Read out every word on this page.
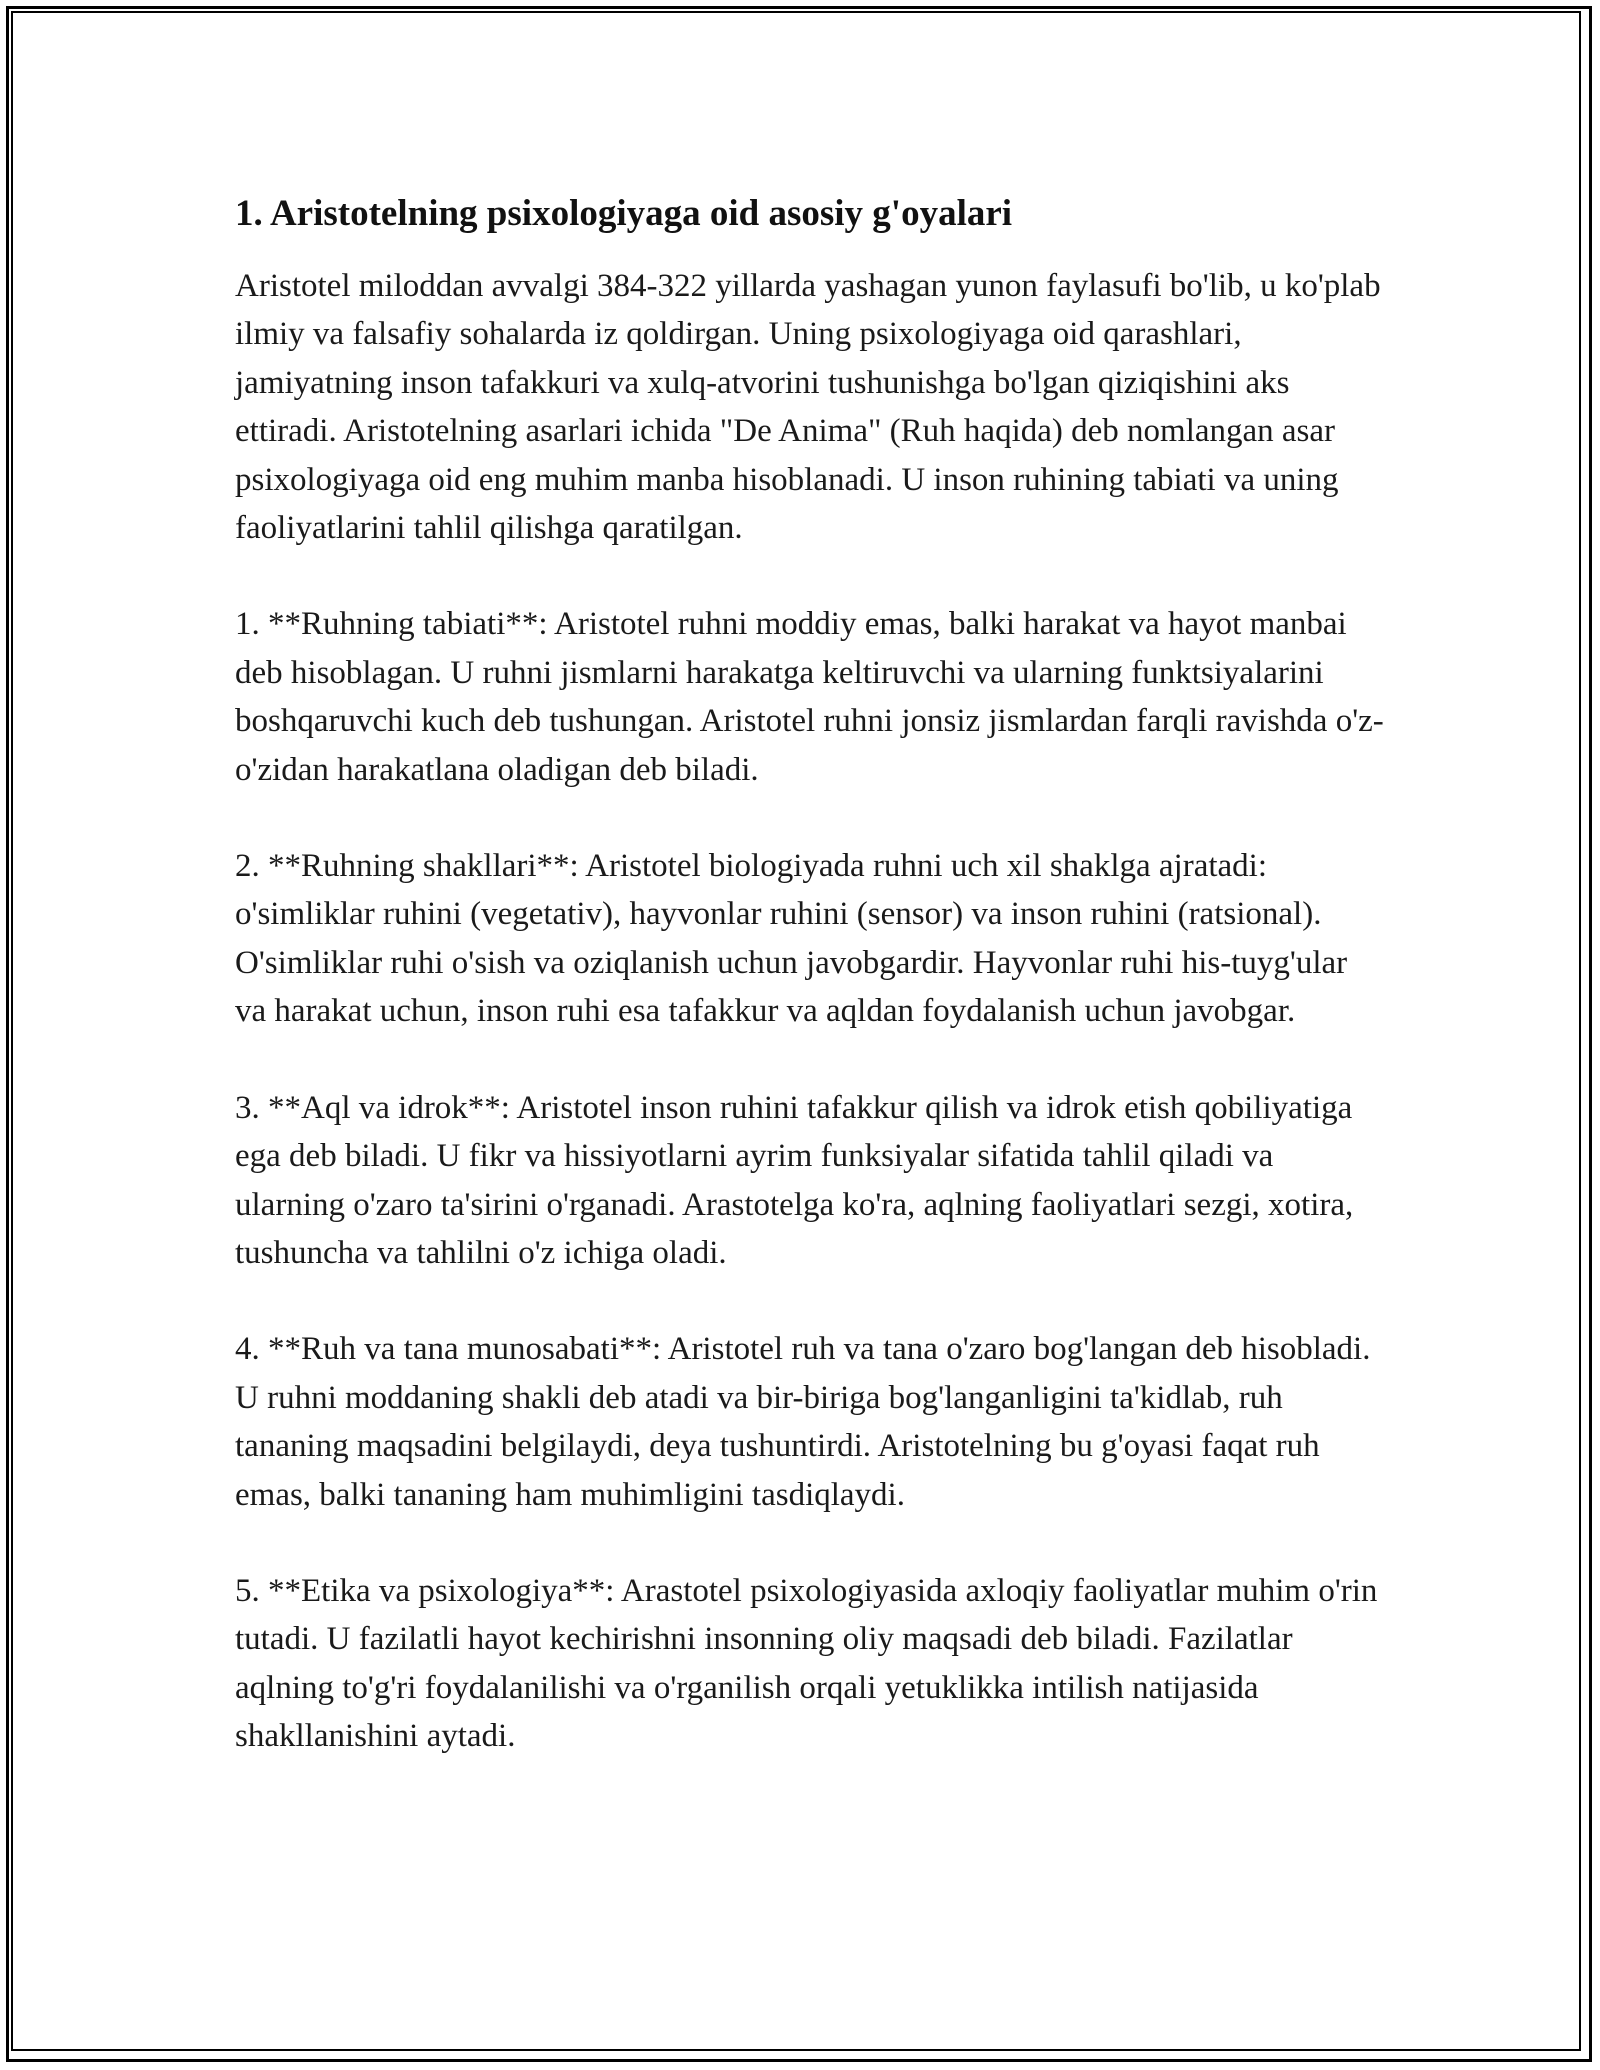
1. Aristotelning psixologiyaga oid asosiy g'oyalari

Aristotel miloddan avvalgi 384-322 yillarda yashagan yunon faylasufi bo'lib, u ko'plab ilmiy va falsafiy sohalarda iz qoldirgan. Uning psixologiyaga oid qarashlari, jamiyatning inson tafakkuri va xulq-atvorini tushunishga bo'lgan qiziqishini aks ettiradi. Aristotelning asarlari ichida "De Anima" (Ruh haqida) deb nomlangan asar psixologiyaga oid eng muhim manba hisoblanadi. U inson ruhining tabiati va uning faoliyatlarini tahlil qilishga qaratilgan.

1. **Ruhning tabiati**: Aristotel ruhni moddiy emas, balki harakat va hayot manbai deb hisoblagan. U ruhni jismlarni harakatga keltiruvchi va ularning funktsiyalarini boshqaruvchi kuch deb tushungan. Aristotel ruhni jonsiz jismlardan farqli ravishda o'z-o'zidan harakatlana oladigan deb biladi.

2. **Ruhning shakllari**: Aristotel biologiyada ruhni uch xil shaklga ajratadi: o'simliklar ruhini (vegetativ), hayvonlar ruhini (sensor) va inson ruhini (ratsional). O'simliklar ruhi o'sish va oziqlanish uchun javobgardir. Hayvonlar ruhi his-tuyg'ular va harakat uchun, inson ruhi esa tafakkur va aqldan foydalanish uchun javobgar.

3. **Aql va idrok**: Aristotel inson ruhini tafakkur qilish va idrok etish qobiliyatiga ega deb biladi. U fikr va hissiyotlarni ayrim funksiyalar sifatida tahlil qiladi va ularning o'zaro ta'sirini o'rganadi. Arastotelga ko'ra, aqlning faoliyatlari sezgi, xotira, tushuncha va tahlilni o'z ichiga oladi.

4. **Ruh va tana munosabati**: Aristotel ruh va tana o'zaro bog'langan deb hisobladi. U ruhni moddaning shakli deb atadi va bir-biriga bog'langanligini ta'kidlab, ruh tananing maqsadini belgilaydi, deya tushuntirdi. Aristotelning bu g'oyasi faqat ruh emas, balki tananing ham muhimligini tasdiqlaydi.

5. **Etika va psixologiya**: Arastotel psixologiyasida axloqiy faoliyatlar muhim o'rin tutadi. U fazilatli hayot kechirishni insonning oliy maqsadi deb biladi. Fazilatlar aqlning to'g'ri foydalanilishi va o'rganilish orqali yetuklikka intilish natijasida shakllanishini aytadi.
